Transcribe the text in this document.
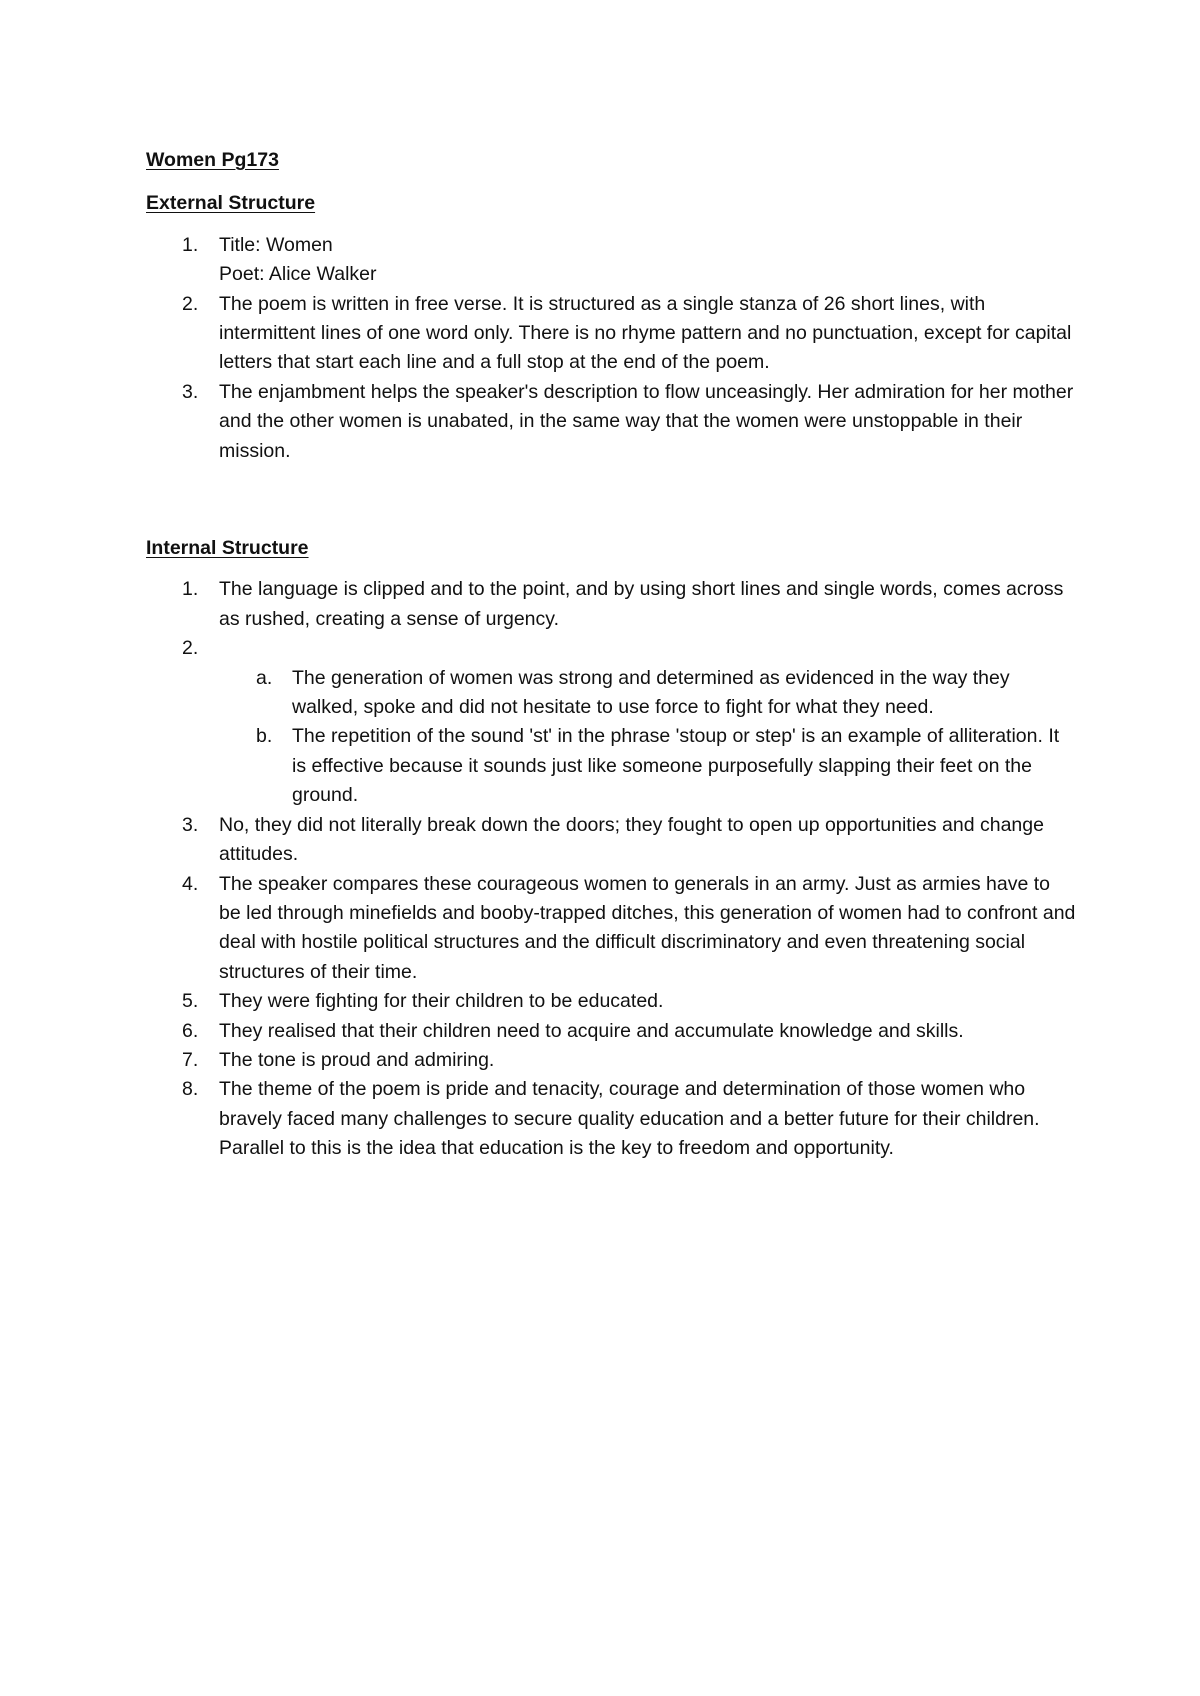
Women Pg173

External Structure

1. Title: Women
Poet: Alice Walker
2. The poem is written in free verse. It is structured as a single stanza of 26 short lines, with intermittent lines of one word only. There is no rhyme pattern and no punctuation, except for capital letters that start each line and a full stop at the end of the poem.
3. The enjambment helps the speaker's description to flow unceasingly. Her admiration for her mother and the other women is unabated, in the same way that the women were unstoppable in their mission.

Internal Structure

1. The language is clipped and to the point, and by using short lines and single words, comes across as rushed, creating a sense of urgency.
2.
a. The generation of women was strong and determined as evidenced in the way they walked, spoke and did not hesitate to use force to fight for what they need.
b. The repetition of the sound 'st' in the phrase 'stoup or step' is an example of alliteration. It is effective because it sounds just like someone purposefully slapping their feet on the ground.
3. No, they did not literally break down the doors; they fought to open up opportunities and change attitudes.
4. The speaker compares these courageous women to generals in an army. Just as armies have to be led through minefields and booby-trapped ditches, this generation of women had to confront and deal with hostile political structures and the difficult discriminatory and even threatening social structures of their time.
5. They were fighting for their children to be educated.
6. They realised that their children need to acquire and accumulate knowledge and skills.
7. The tone is proud and admiring.
8. The theme of the poem is pride and tenacity, courage and determination of those women who bravely faced many challenges to secure quality education and a better future for their children. Parallel to this is the idea that education is the key to freedom and opportunity.
